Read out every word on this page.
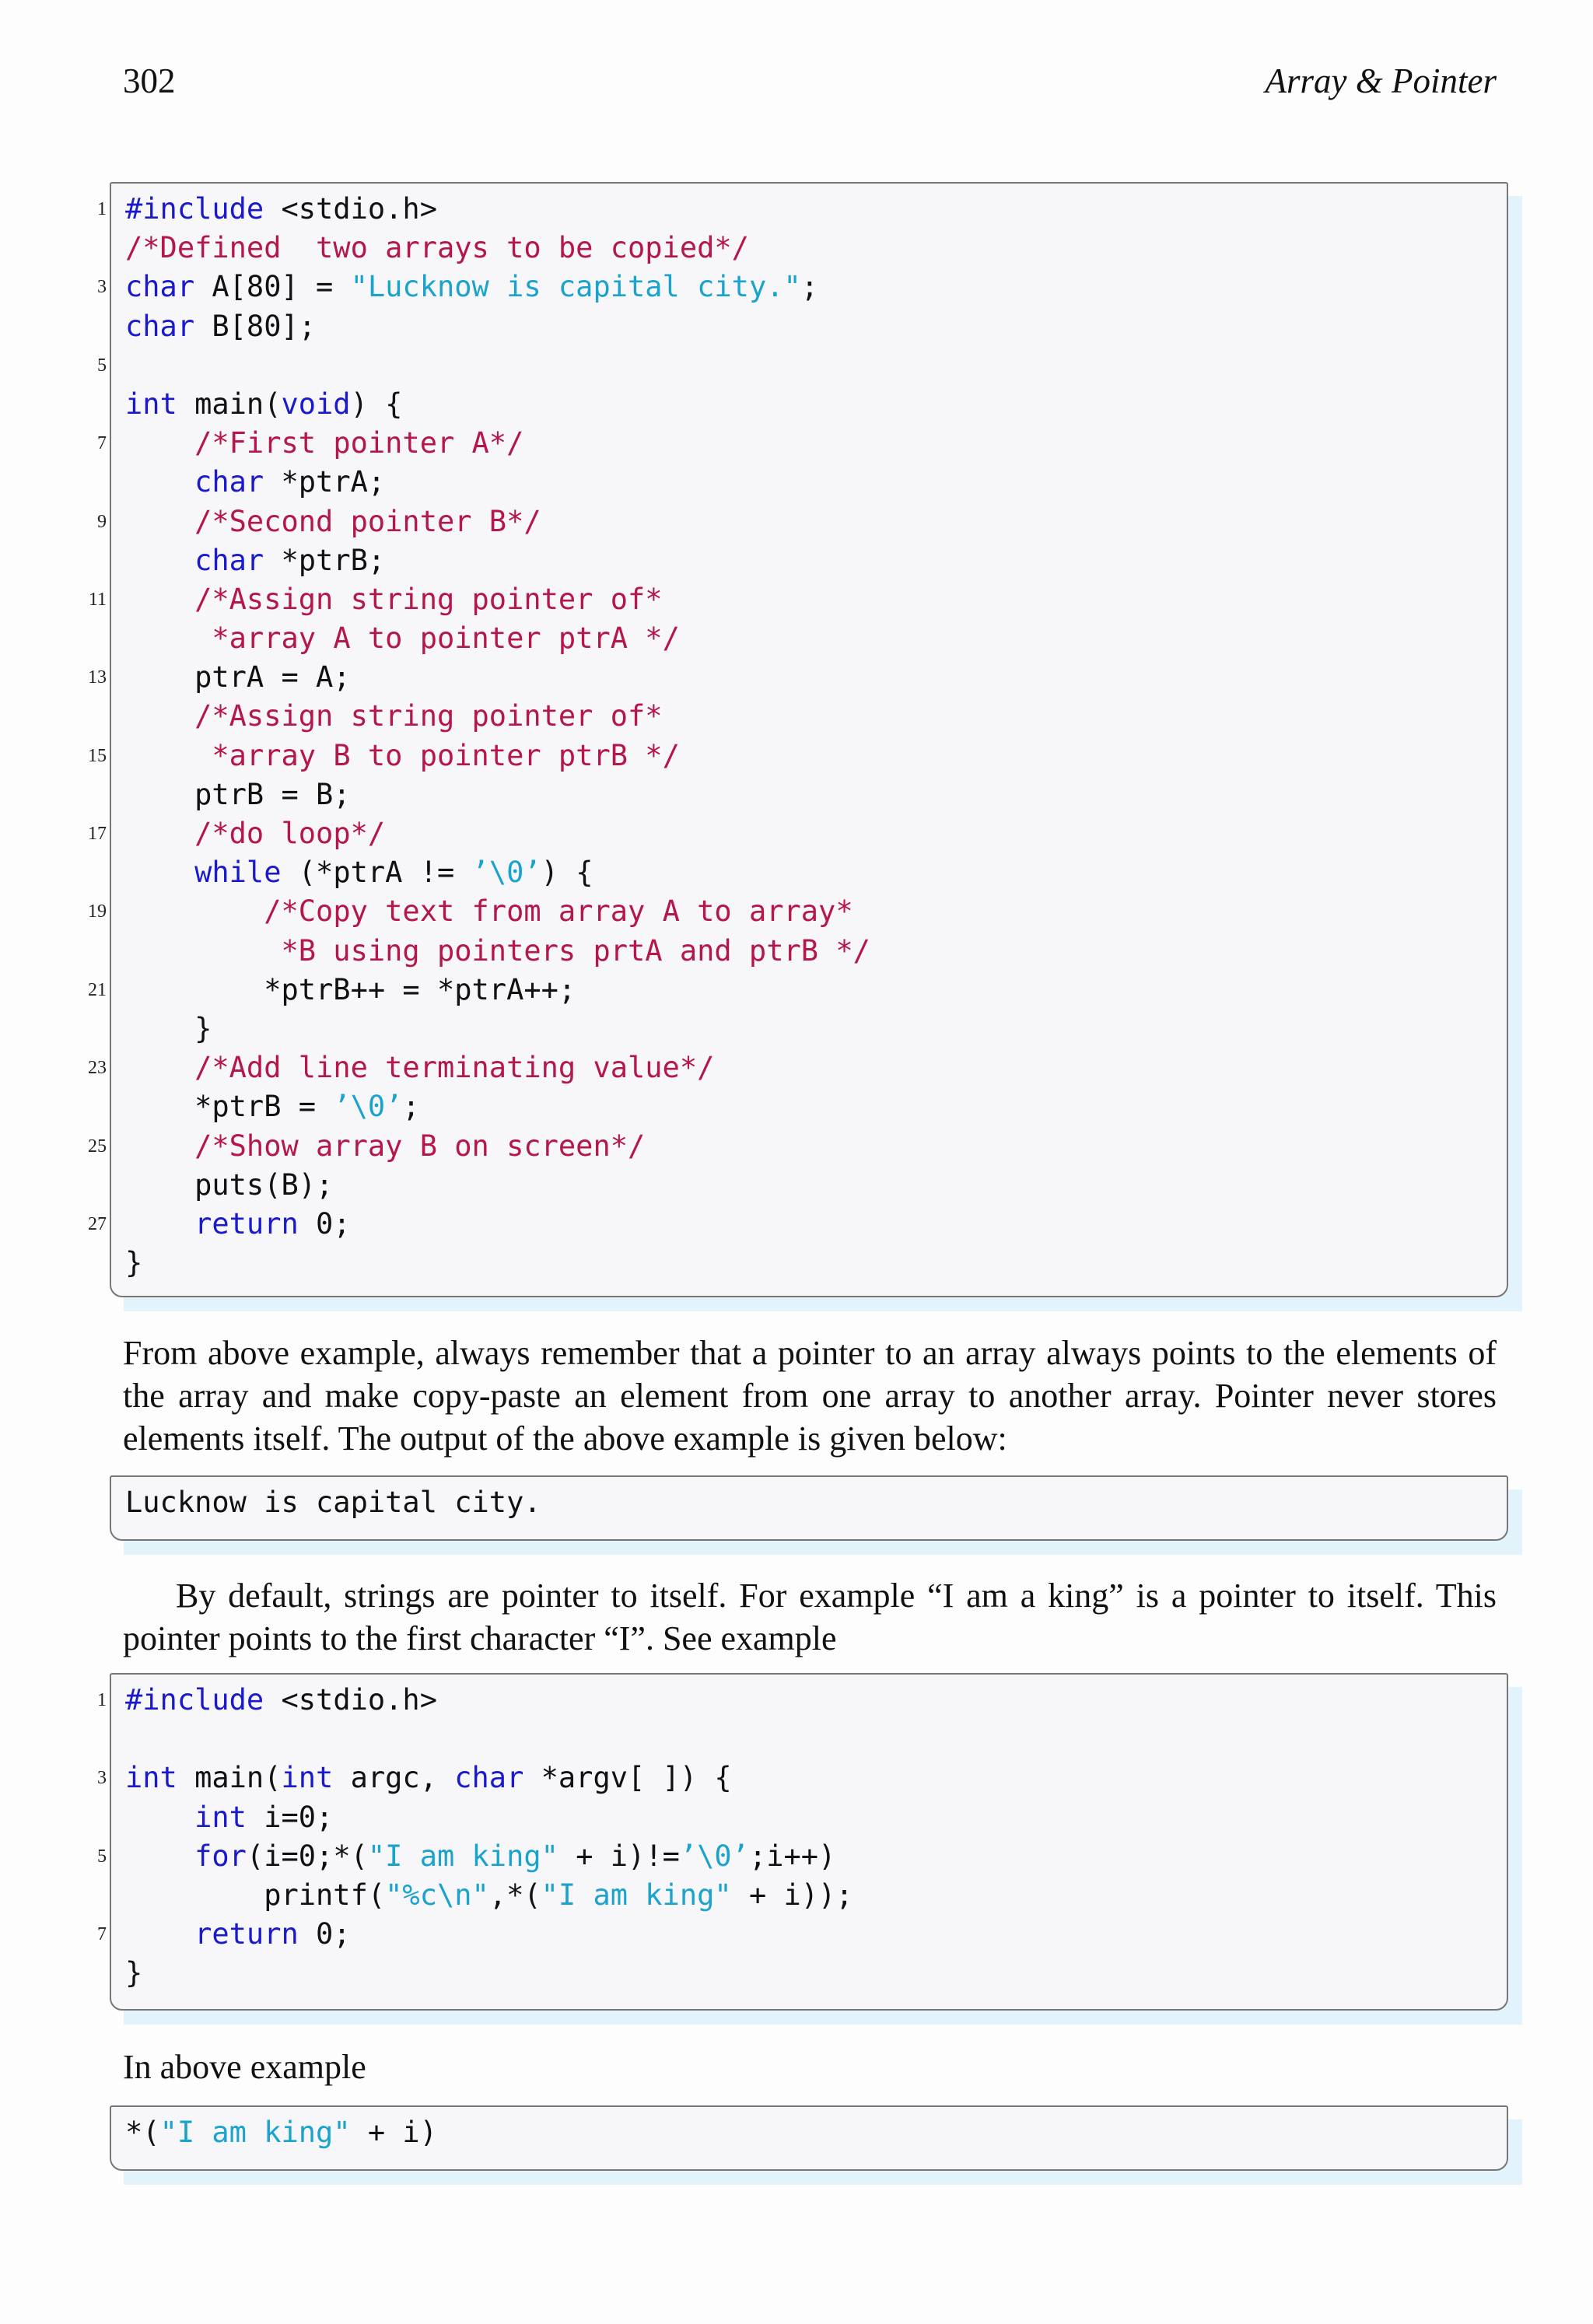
302	Array & Pointer
1 #include <stdio.h>
/*Defined  two arrays to be copied*/
3 char A[80] = "Lucknow is capital city.";
char B[80];
5
int main(void) {
7	/*First pointer A*/
char *ptrA;
9	/*Second pointer B*/
char *ptrB;
11	/*Assign string pointer of*
*array A to pointer ptrA */
13 ptrA = A;
/*Assign string pointer of*
15	*array B to pointer ptrB */
ptrB = B;
17	/*do loop*/
while (*ptrA != ’\0’) {
19	/*Copy text from array A to array*
*B using pointers prtA and ptrB */
21 *ptrB++ = *ptrA++;
}
23	/*Add line terminating value*/
*ptrB = ’\0’;
25	/*Show array B on screen*/
puts(B);
27	return 0;
}

From above example, always remember that a pointer to an array always points to the elements of the array and make copy-paste an element from one array to another array. Pointer never stores elements itself. The output of the above example is given below:

Lucknow is capital city.

By default, strings are pointer to itself. For example “I am a king” is a pointer to itself. This pointer points to the first character “I”. See example

1 #include <stdio.h>
3 int main(int argc, char *argv[ ]) {
int i=0;
5	for(i=0;*("I am king" + i)!=’\0’;i++)
printf("%c\n",*("I am king" + i));
7	return 0;
}

In above example

*("I am king" + i)
